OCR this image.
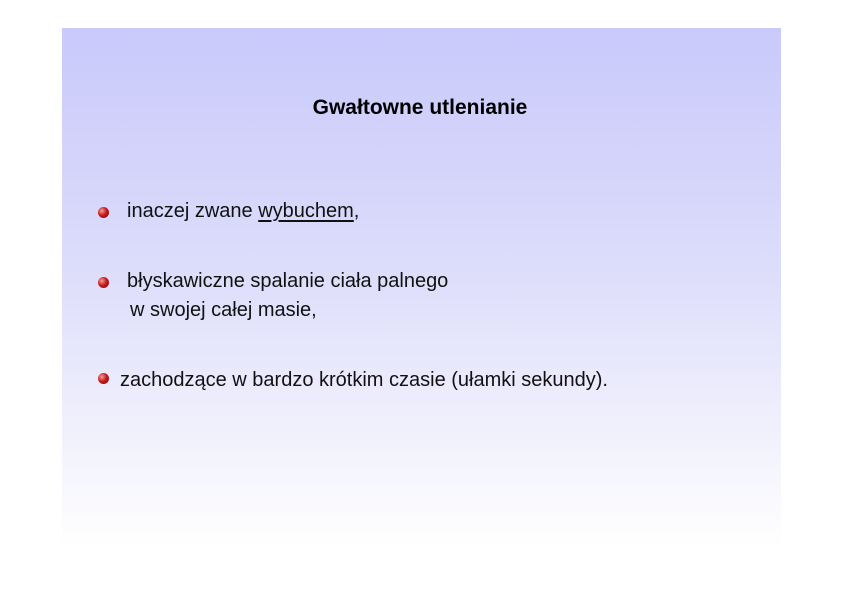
Gwałtowne utlenianie
inaczej zwane wybuchem,
błyskawiczne spalanie ciała palnego
w swojej całej masie,
zachodzące w bardzo krótkim czasie (ułamki sekundy).
